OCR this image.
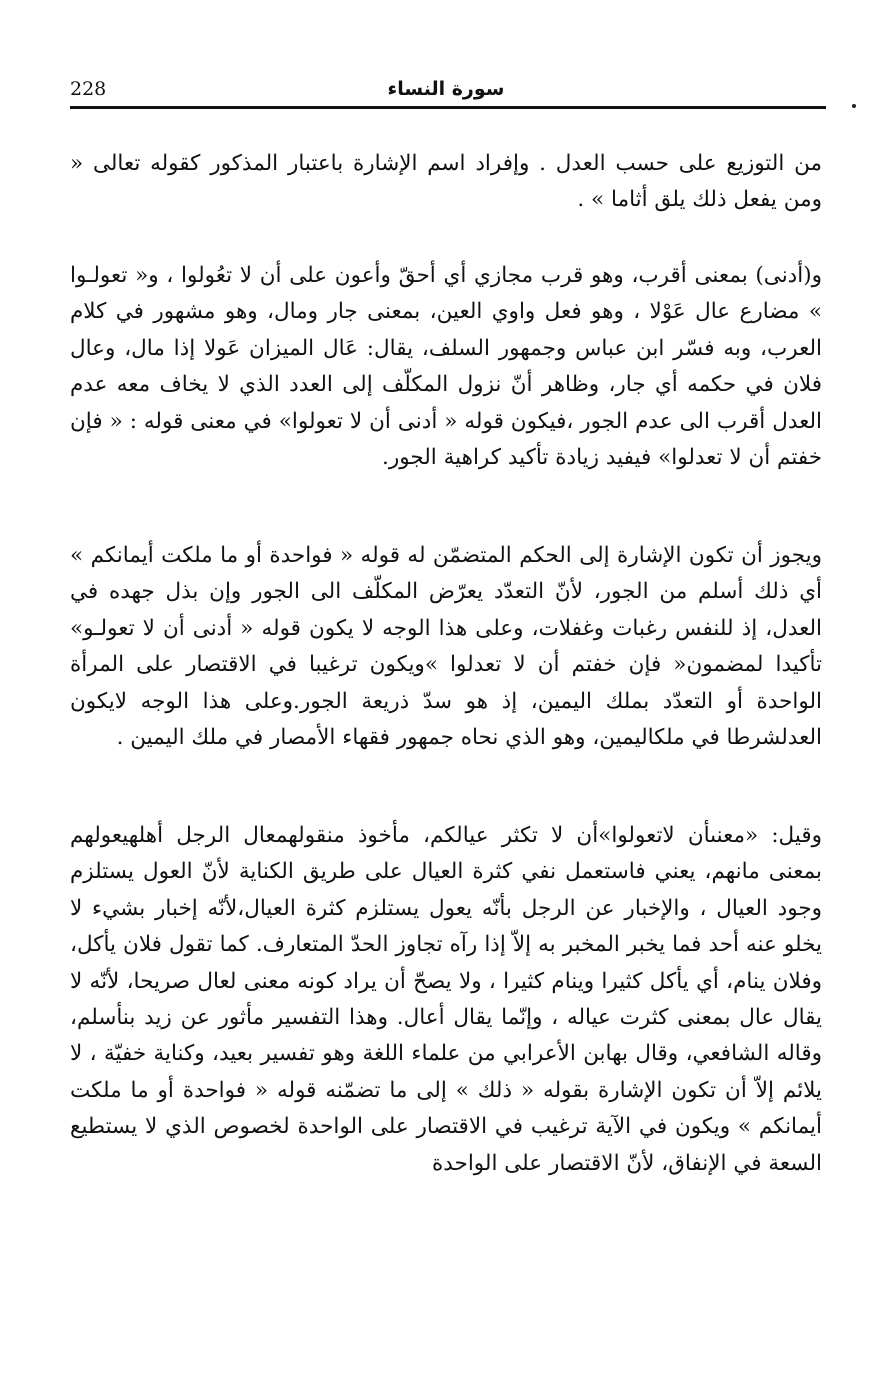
228	سورة النساء
من التوزيع على حسب العدل . وإفراد اسم الإشارة باعتبار المذكور كقوله تعالى « ومن يفعل ذلك يلق أثاما » .
و(أدنى) بمعنى أقرب، وهو قرب مجازي أي أحقّ وأعون على أن لا تعُولوا ، و« تعولـوا » مضارع عال عَوْلا ، وهو فعل واوي العين، بمعنى جار ومال، وهو مشهور في كلام العرب، وبه فسّر ابن عباس وجمهور السلف، يقال: عَال الميزان عَولا إذا مال، وعال فلان في حكمه أي جار، وظاهر أنّ نزول المكلّف إلى العدد الذي لا يخاف معه عدم العدل أقرب الى عدم الجور ،فيكون قوله « أدنى أن لا تعولوا» في معنى قوله : « فإن خفتم أن لا تعدلوا» فيفيد زيادة تأكيد كراهية الجور.
ويجوز أن تكون الإشارة إلى الحكم المتضمّن له قوله « فواحدة أو ما ملكت أيمانكم » أي ذلك أسلم من الجور، لأنّ التعدّد يعرّض المكلّف الى الجور وإن بذل جهده في العدل، إذ للنفس رغبات وغفلات، وعلى هذا الوجه لا يكون قوله « أدنى أن لا تعولـو» تأكيدا لمضمون« فإن خفتم أن لا تعدلوا »ويكون ترغيبا في الاقتصار على المرأة الواحدة أو التعدّد بملك اليمين، إذ هو سدّ ذريعة الجور.وعلى هذا الوجه لايكون العدلشرطا في ملكاليمين، وهو الذي نحاه جمهور فقهاء الأمصار في ملك اليمين .
وقيل: «معنىأن لاتعولوا»أن لا تكثر عيالكم، مأخوذ منقولهمعال الرجل أهلهيعولهم بمعنى مانهم، يعني فاستعمل نفي كثرة العيال على طريق الكناية لأنّ العول يستلزم وجود العيال ، والإخبار عن الرجل بأنّه يعول يستلزم كثرة العيال،لأنّه إخبار بشيء لا يخلو عنه أحد فما يخبر المخبر به إلاّ إذا رآه تجاوز الحدّ المتعارف. كما تقول فلان يأكل، وفلان ينام، أي يأكل كثيرا وينام كثيرا ، ولا يصحّ أن يراد كونه معنى لعال صريحا، لأنّه لا يقال عال بمعنى كثرت عياله ، وإنّما يقال أعال. وهذا التفسير مأثور عن زيد بنأسلم، وقاله الشافعي، وقال بهابن الأعرابي من علماء اللغة وهو تفسير بعيد، وكناية خفيّة ، لا يلائم إلاّ أن تكون الإشارة بقوله « ذلك » إلى ما تضمّنه قوله « فواحدة أو ما ملكت أيمانكم » ويكون في الآية ترغيب في الاقتصار على الواحدة لخصوص الذي لا يستطيع السعة في الإنفاق، لأنّ الاقتصار على الواحدة
